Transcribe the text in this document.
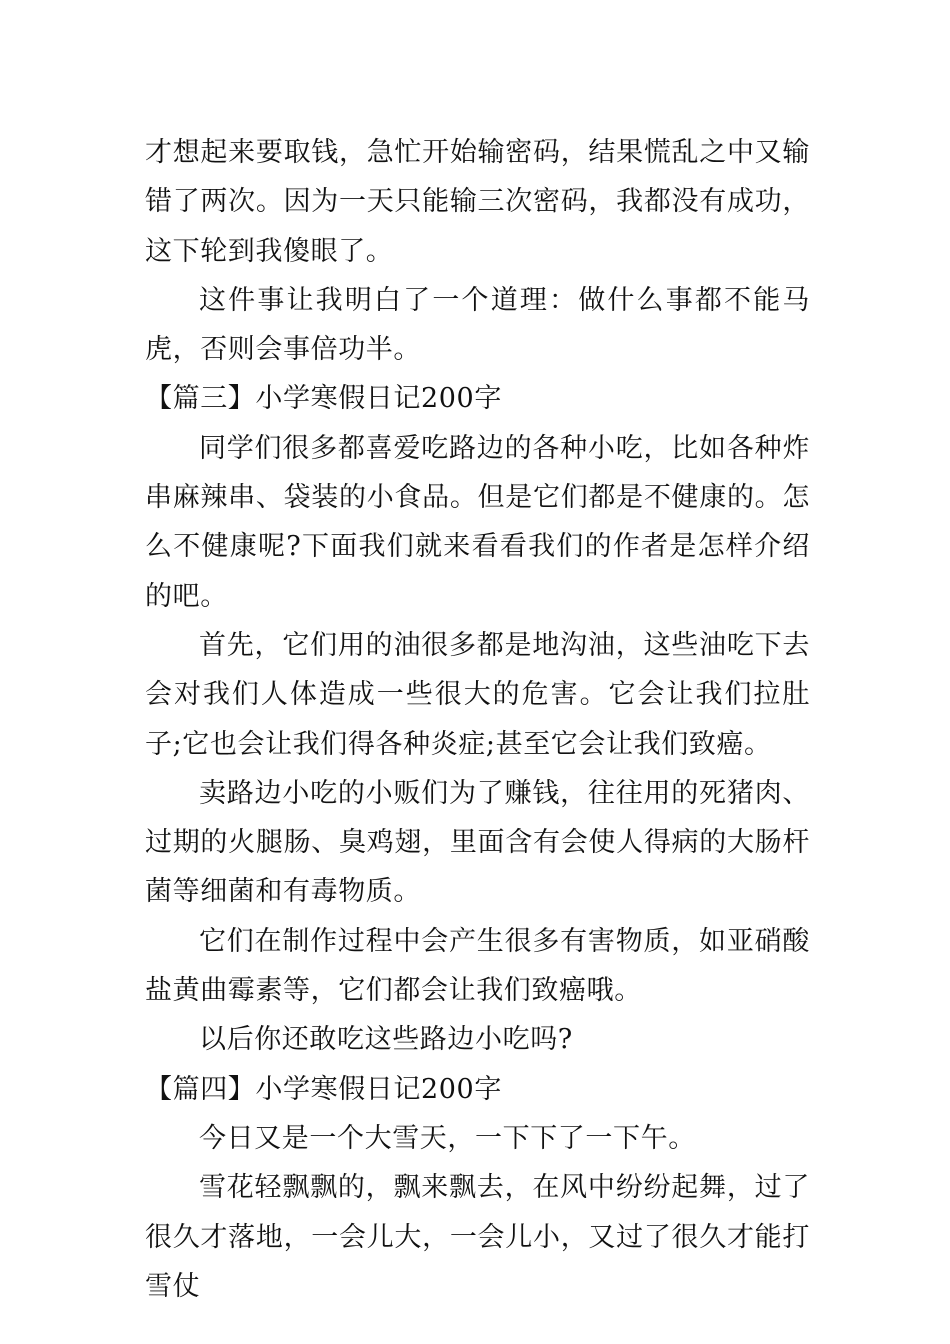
才想起来要取钱，急忙开始输密码，结果慌乱之中又输错了两次。因为一天只能输三次密码，我都没有成功，这下轮到我傻眼了。

这件事让我明白了一个道理：做什么事都不能马虎，否则会事倍功半。

【篇三】小学寒假日记200字

同学们很多都喜爱吃路边的各种小吃，比如各种炸串麻辣串、袋装的小食品。但是它们都是不健康的。怎么不健康呢?下面我们就来看看我们的作者是怎样介绍的吧。

首先，它们用的油很多都是地沟油，这些油吃下去会对我们人体造成一些很大的危害。它会让我们拉肚子;它也会让我们得各种炎症;甚至它会让我们致癌。

卖路边小吃的小贩们为了赚钱，往往用的死猪肉、过期的火腿肠、臭鸡翅，里面含有会使人得病的大肠杆菌等细菌和有毒物质。

它们在制作过程中会产生很多有害物质，如亚硝酸盐黄曲霉素等，它们都会让我们致癌哦。

以后你还敢吃这些路边小吃吗?

【篇四】小学寒假日记200字

今日又是一个大雪天，一下下了一下午。

雪花轻飘飘的，飘来飘去，在风中纷纷起舞，过了很久才落地，一会儿大，一会儿小，又过了很久才能打雪仗
